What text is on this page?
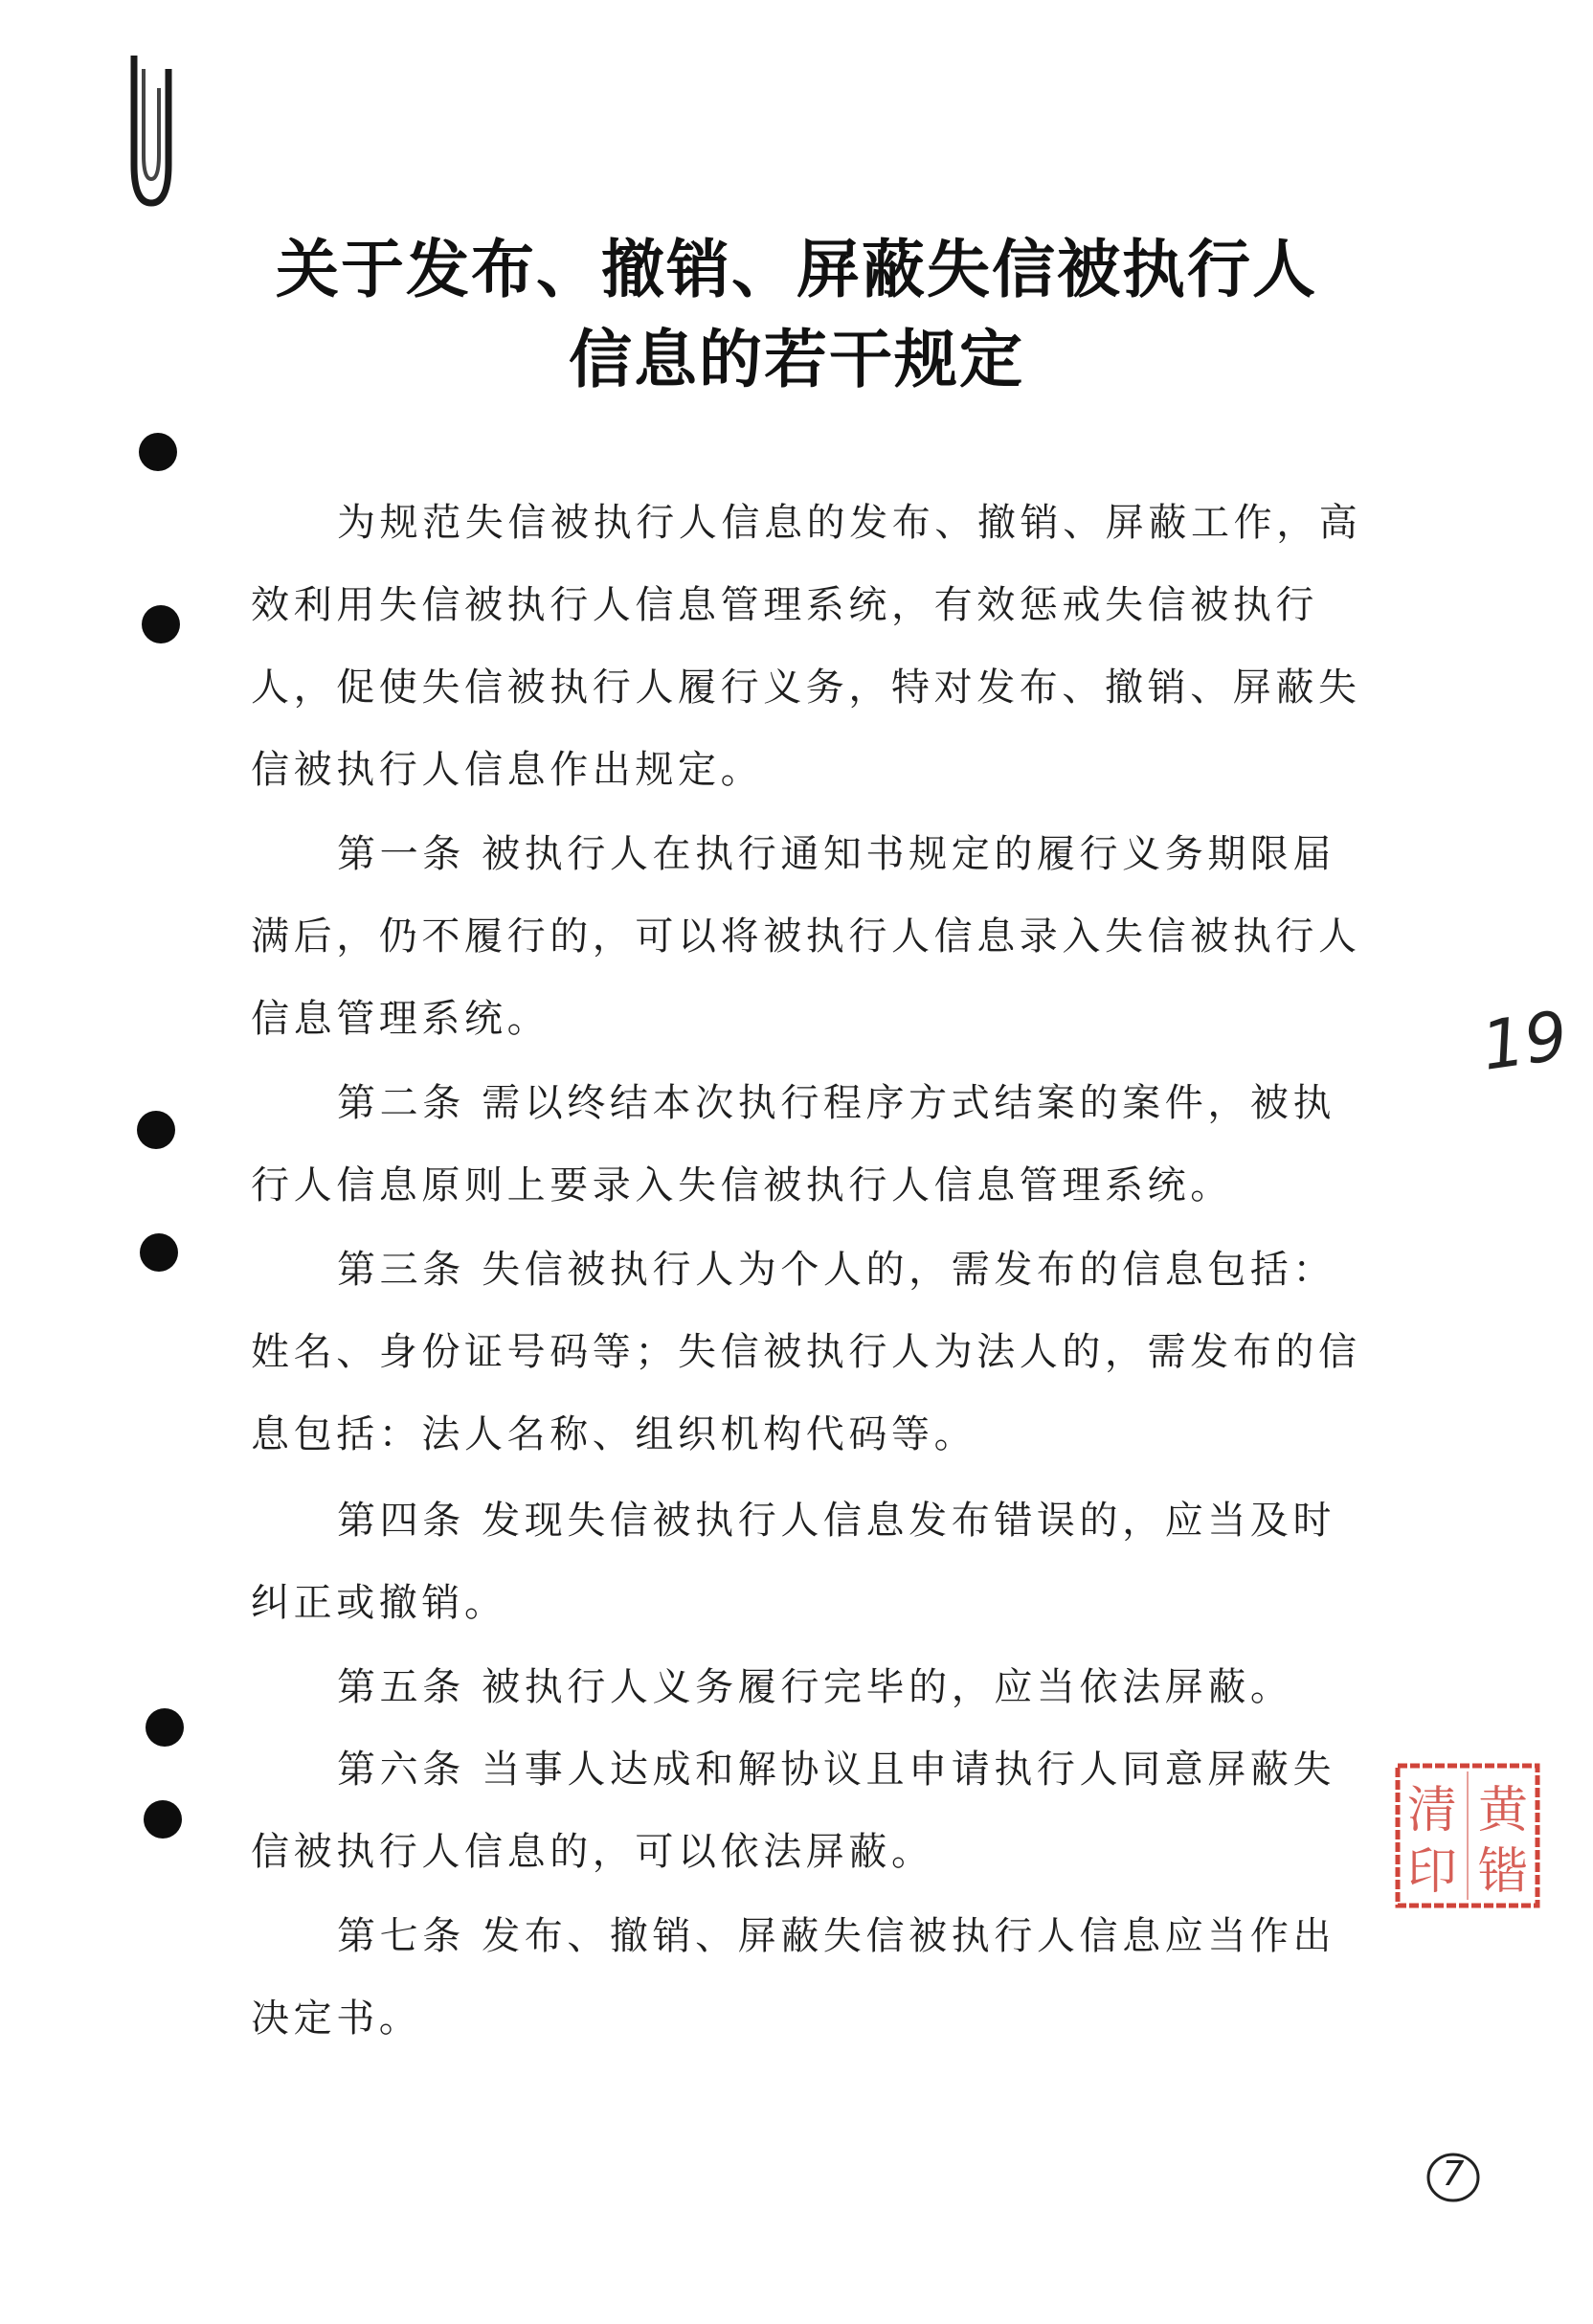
关于发布、撤销、屏蔽失信被执行人
信息的若干规定
为规范失信被执行人信息的发布、撤销、屏蔽工作，高
效利用失信被执行人信息管理系统，有效惩戒失信被执行
人，促使失信被执行人履行义务，特对发布、撤销、屏蔽失
信被执行人信息作出规定。
第一条 被执行人在执行通知书规定的履行义务期限届
满后，仍不履行的，可以将被执行人信息录入失信被执行人
信息管理系统。
第二条 需以终结本次执行程序方式结案的案件，被执
行人信息原则上要录入失信被执行人信息管理系统。
第三条 失信被执行人为个人的，需发布的信息包括：
姓名、身份证号码等；失信被执行人为法人的，需发布的信
息包括：法人名称、组织机构代码等。
第四条 发现失信被执行人信息发布错误的，应当及时
纠正或撤销。
第五条 被执行人义务履行完毕的，应当依法屏蔽。
第六条 当事人达成和解协议且申请执行人同意屏蔽失
信被执行人信息的，可以依法屏蔽。
第七条 发布、撤销、屏蔽失信被执行人信息应当作出
决定书。
19
黄
锴
清
印
7
